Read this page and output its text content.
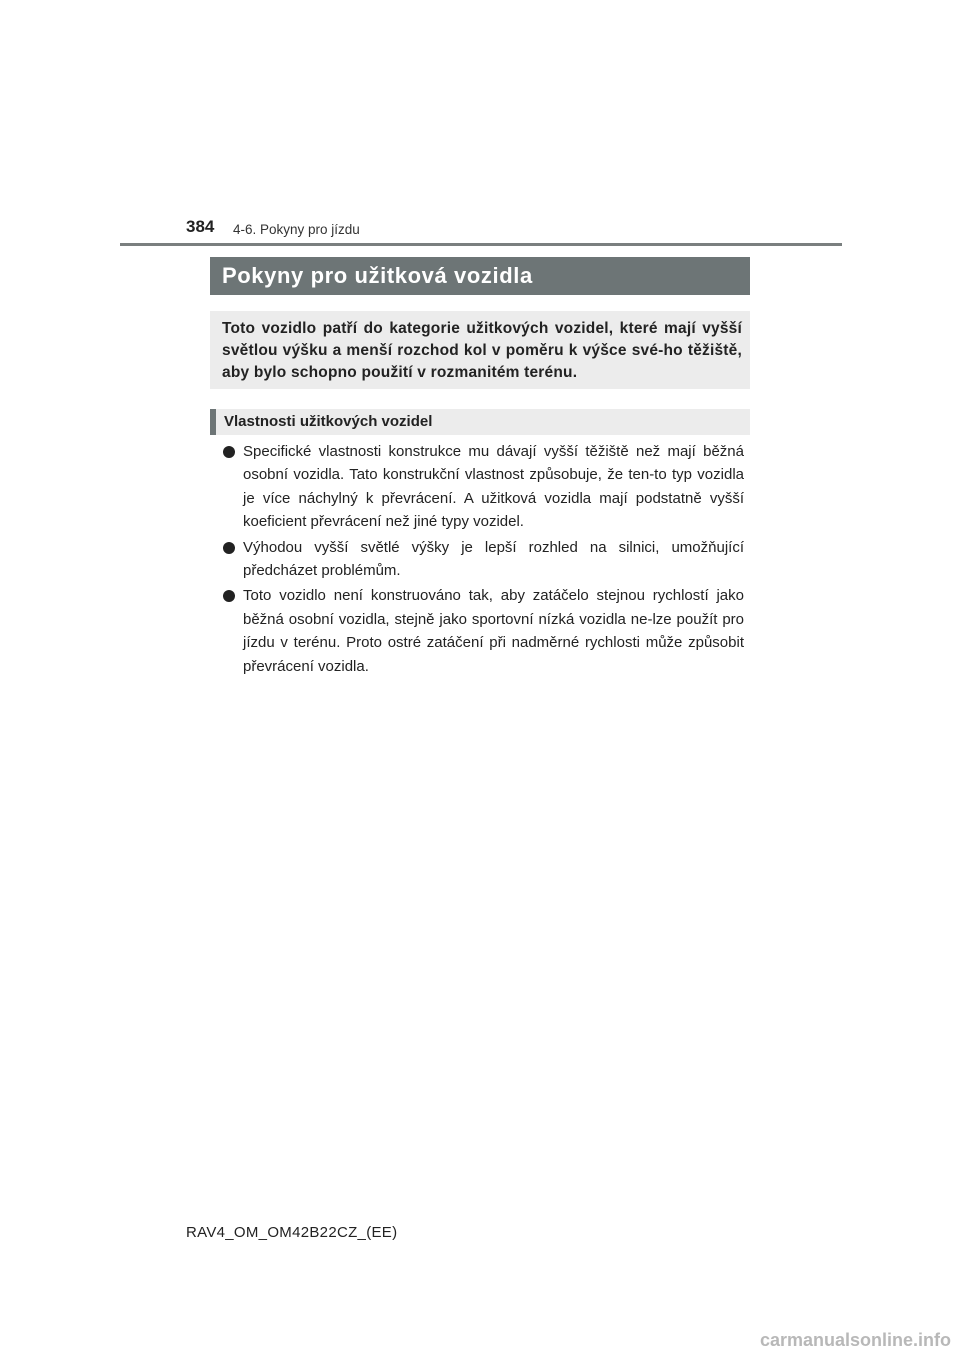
384 4-6. Pokyny pro jízdu
Pokyny pro užitková vozidla
Toto vozidlo patří do kategorie užitkových vozidel, které mají vyšší světlou výšku a menší rozchod kol v poměru k výšce své-ho těžiště, aby bylo schopno použití v rozmanitém terénu.
Vlastnosti užitkových vozidel
Specifické vlastnosti konstrukce mu dávají vyšší těžiště než mají běžná osobní vozidla. Tato konstrukční vlastnost způsobuje, že ten-to typ vozidla je více náchylný k převrácení. A užitková vozidla mají podstatně vyšší koeficient převrácení než jiné typy vozidel.
Výhodou vyšší světlé výšky je lepší rozhled na silnici, umožňující předcházet problémům.
Toto vozidlo není konstruováno tak, aby zatáčelo stejnou rychlostí jako běžná osobní vozidla, stejně jako sportovní nízká vozidla ne-lze použít pro jízdu v terénu. Proto ostré zatáčení při nadměrné rychlosti může způsobit převrácení vozidla.
RAV4_OM_OM42B22CZ_(EE)
carmanualsonline.info
